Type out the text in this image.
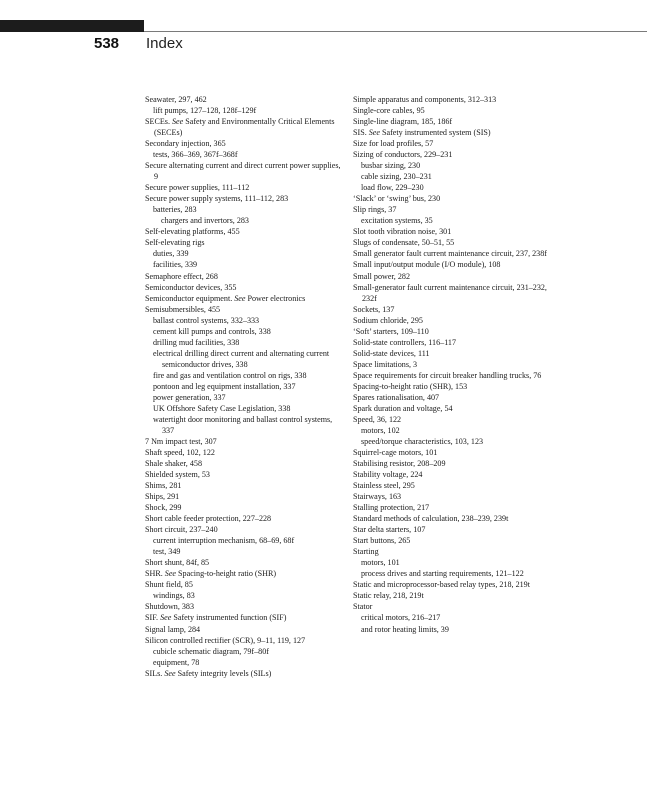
538 Index
Seawater, 297, 462
lift pumps, 127–128, 128f–129f
SECEs. See Safety and Environmentally Critical Elements (SECEs)
Secondary injection, 365
tests, 366–369, 367f–368f
Secure alternating current and direct current power supplies, 9
Secure power supplies, 111–112
Secure power supply systems, 111–112, 283
batteries, 283
chargers and invertors, 283
Self-elevating platforms, 455
Self-elevating rigs
duties, 339
facilities, 339
Semaphore effect, 268
Semiconductor devices, 355
Semiconductor equipment. See Power electronics
Semisubmersibles, 455
ballast control systems, 332–333
cement kill pumps and controls, 338
drilling mud facilities, 338
electrical drilling direct current and alternating current semiconductor drives, 338
fire and gas and ventilation control on rigs, 338
pontoon and leg equipment installation, 337
power generation, 337
UK Offshore Safety Case Legislation, 338
watertight door monitoring and ballast control systems, 337
7 Nm impact test, 307
Shaft speed, 102, 122
Shale shaker, 458
Shielded system, 53
Shims, 281
Ships, 291
Shock, 299
Short cable feeder protection, 227–228
Short circuit, 237–240
current interruption mechanism, 68–69, 68f
test, 349
Short shunt, 84f, 85
SHR. See Spacing-to-height ratio (SHR)
Shunt field, 85
windings, 83
Shutdown, 383
SIF. See Safety instrumented function (SIF)
Signal lamp, 284
Silicon controlled rectifier (SCR), 9–11, 119, 127
cubicle schematic diagram, 79f–80f
equipment, 78
SILs. See Safety integrity levels (SILs)
Simple apparatus and components, 312–313
Single-core cables, 95
Single-line diagram, 185, 186f
SIS. See Safety instrumented system (SIS)
Size for load profiles, 57
Sizing of conductors, 229–231
busbar sizing, 230
cable sizing, 230–231
load flow, 229–230
‘Slack’ or ‘swing’ bus, 230
Slip rings, 37
excitation systems, 35
Slot tooth vibration noise, 301
Slugs of condensate, 50–51, 55
Small generator fault current maintenance circuit, 237, 238f
Small input/output module (I/O module), 108
Small power, 282
Small-generator fault current maintenance circuit, 231–232, 232f
Sockets, 137
Sodium chloride, 295
‘Soft’ starters, 109–110
Solid-state controllers, 116–117
Solid-state devices, 111
Space limitations, 3
Space requirements for circuit breaker handling trucks, 76
Spacing-to-height ratio (SHR), 153
Spares rationalisation, 407
Spark duration and voltage, 54
Speed, 36, 122
motors, 102
speed/torque characteristics, 103, 123
Squirrel-cage motors, 101
Stabilising resistor, 208–209
Stability voltage, 224
Stainless steel, 295
Stairways, 163
Stalling protection, 217
Standard methods of calculation, 238–239, 239t
Star delta starters, 107
Start buttons, 265
Starting
motors, 101
process drives and starting requirements, 121–122
Static and microprocessor-based relay types, 218, 219t
Static relay, 218, 219t
Stator
critical motors, 216–217
and rotor heating limits, 39
